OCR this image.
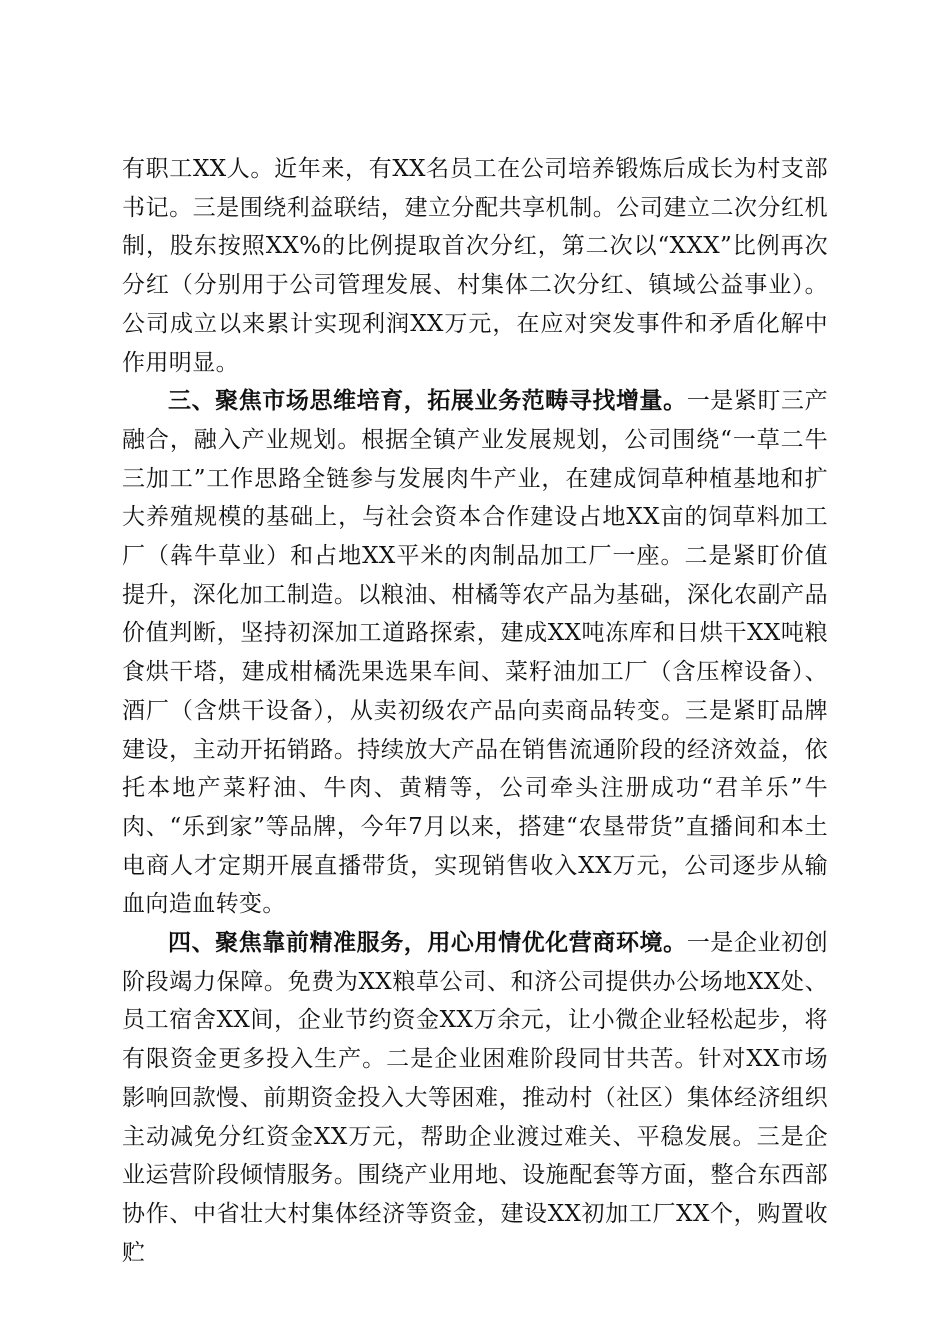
有职工XX人。近年来，有XX名员工在公司培养锻炼后成长为村支部书记。三是围绕利益联结，建立分配共享机制。公司建立二次分红机制，股东按照XX%的比例提取首次分红，第二次以“XXX”比例再次分红（分别用于公司管理发展、村集体二次分红、镇域公益事业）。公司成立以来累计实现利润XX万元，在应对突发事件和矛盾化解中作用明显。

三、聚焦市场思维培育，拓展业务范畴寻找增量。一是紧盯三产融合，融入产业规划。根据全镇产业发展规划，公司围绕“一草二牛三加工”工作思路全链参与发展肉牛产业，在建成饲草种植基地和扩大养殖规模的基础上，与社会资本合作建设占地XX亩的饲草料加工厂（犇牛草业）和占地XX平米的肉制品加工厂一座。二是紧盯价值提升，深化加工制造。以粮油、柑橘等农产品为基础，深化农副产品价值判断，坚持初深加工道路探索，建成XX吨冻库和日烘干XX吨粮食烘干塔，建成柑橘洗果选果车间、菜籽油加工厂（含压榨设备）、酒厂（含烘干设备），从卖初级农产品向卖商品转变。三是紧盯品牌建设，主动开拓销路。持续放大产品在销售流通阶段的经济效益，依托本地产菜籽油、牛肉、黄精等，公司牵头注册成功“君羊乐”牛肉、“乐到家”等品牌，今年7月以来，搭建“农垦带货”直播间和本土电商人才定期开展直播带货，实现销售收入XX万元，公司逐步从输血向造血转变。

四、聚焦靠前精准服务，用心用情优化营商环境。一是企业初创阶段竭力保障。免费为XX粮草公司、和济公司提供办公场地XX处、员工宿舍XX间，企业节约资金XX万余元，让小微企业轻松起步，将有限资金更多投入生产。二是企业困难阶段同甘共苦。针对XX市场影响回款慢、前期资金投入大等困难，推动村（社区）集体经济组织主动减免分红资金XX万元，帮助企业渡过难关、平稳发展。三是企业运营阶段倾情服务。围绕产业用地、设施配套等方面，整合东西部协作、中省壮大村集体经济等资金，建设XX初加工厂XX个，购置收贮
